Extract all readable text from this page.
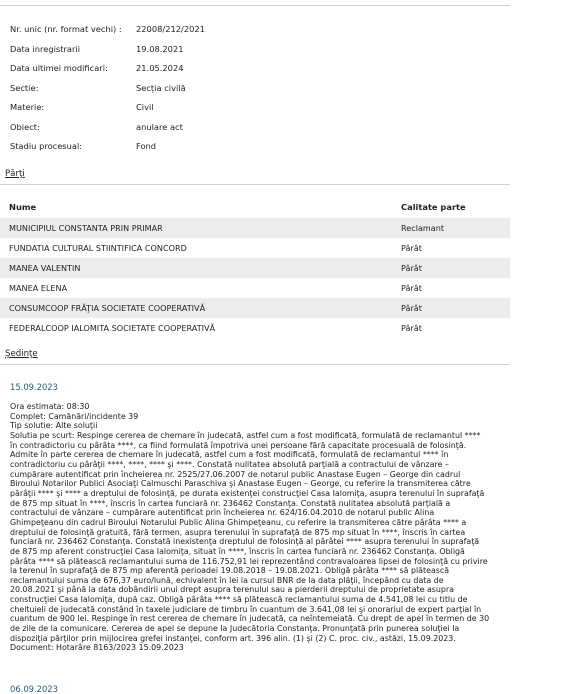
Nr. unic (nr. format vechi) :	22008/212/2021
Data inregistrarii	19.08.2021
Data ultimei modificari:	21.05.2024
Sectie:	Secția civilă
Materie:	Civil
Obiect:	anulare act
Stadiu procesual:	Fond
Părţi
Nume	Calitate parte
MUNICIPIUL CONSTANTA PRIN PRIMAR	Reclamant
FUNDATIA CULTURAL STIINTIFICA CONCORD	Pârât
MANEA VALENTIN	Pârât
MANEA ELENA	Pârât
CONSUMCOOP FRĂŢIA SOCIETATE COOPERATIVĂ	Pârât
FEDERALCOOP IALOMITA SOCIETATE COOPERATIVĂ	Pârât
Şedinţe
15.09.2023
Ora estimata: 08:30
Complet: Camănări/incidente 39
Tip solutie: Alte soluţii
Solutia pe scurt: Respinge cererea de chemare în judecată, astfel cum a fost modificată, formulată de reclamantul **** în contradictoriu cu pârâta ****, ca fiind formulată împotriva unei persoane fără capacitate procesuală de folosinţă. Admite în parte cererea de chemare în judecată, astfel cum a fost modificată, formulată de reclamantul **** în contradictoriu cu pârâţii ****, ****, **** şi ****. Constată nulitatea absolută parţială a contractului de vânzare – cumpărare autentificat prin încheierea nr. 2525/27.06.2007 de notarul public Anastase Eugen – George din cadrul Biroului Notarilor Publici Asociaţi Calmuschi Paraschiva şi Anastase Eugen – George, cu referire la transmiterea către pârâţii **** şi **** a dreptului de folosinţă, pe durata existenţei construcţiei Casa Ialomiţa, asupra terenului în suprafaţă de 875 mp situat în ****, înscris în cartea funciară nr. 236462 Constanţa. Constată nulitatea absolută parţială a contractului de vânzare – cumpărare autentificat prin încheierea nr. 624/16.04.2010 de notarul public Alina Ghimpeţeanu din cadrul Biroului Notarului Public Alina Ghimpeţeanu, cu referire la transmiterea către pârâta **** a dreptului de folosinţă gratuită, fără termen, asupra terenului în suprafaţă de 875 mp situat în ****, înscris în cartea funciară nr. 236462 Constanţa. Constată inexistenţa dreptului de folosinţă al pârâtei **** asupra terenului în suprafaţă de 875 mp aferent construcţiei Casa Ialomiţa, situat în ****, înscris în cartea funciară nr. 236462 Constanţa. Obligă pârâta **** să plătească reclamantului suma de 116.752,91 lei reprezentând contravaloarea lipsei de folosinţă cu privire la terenul în suprafaţă de 875 mp aferentă perioadei 19.08.2018 – 19.08.2021. Obligă pârâta **** să plătească reclamantului suma de 676,37 euro/lună, echivalent în lei la cursul BNR de la data plăţii, începând cu data de 20.08.2021 şi până la data dobândirii unui drept asupra terenului sau a pierderii dreptului de proprietate asupra construcţiei Casa Ialomiţa, după caz. Obligă pârâta **** să plătească reclamantului suma de 4.541,08 lei cu titlu de cheltuieli de judecată constând în taxele judiciare de timbru în cuantum de 3.641,08 lei şi onorariul de expert parţial în cuantum de 900 lei. Respinge în rest cererea de chemare în judecată, ca neîntemeiată. Cu drept de apel în termen de 30 de zile de la comunicare. Cererea de apel se depune la Judecătoria Constanţa. Pronunţată prin punerea soluţiei la dispoziţia părţilor prin mijlocirea grefei instanţei, conform art. 396 alin. (1) şi (2) C. proc. civ., astăzi, 15.09.2023.
Document: Hotarâre 8163/2023 15.09.2023
06.09.2023
